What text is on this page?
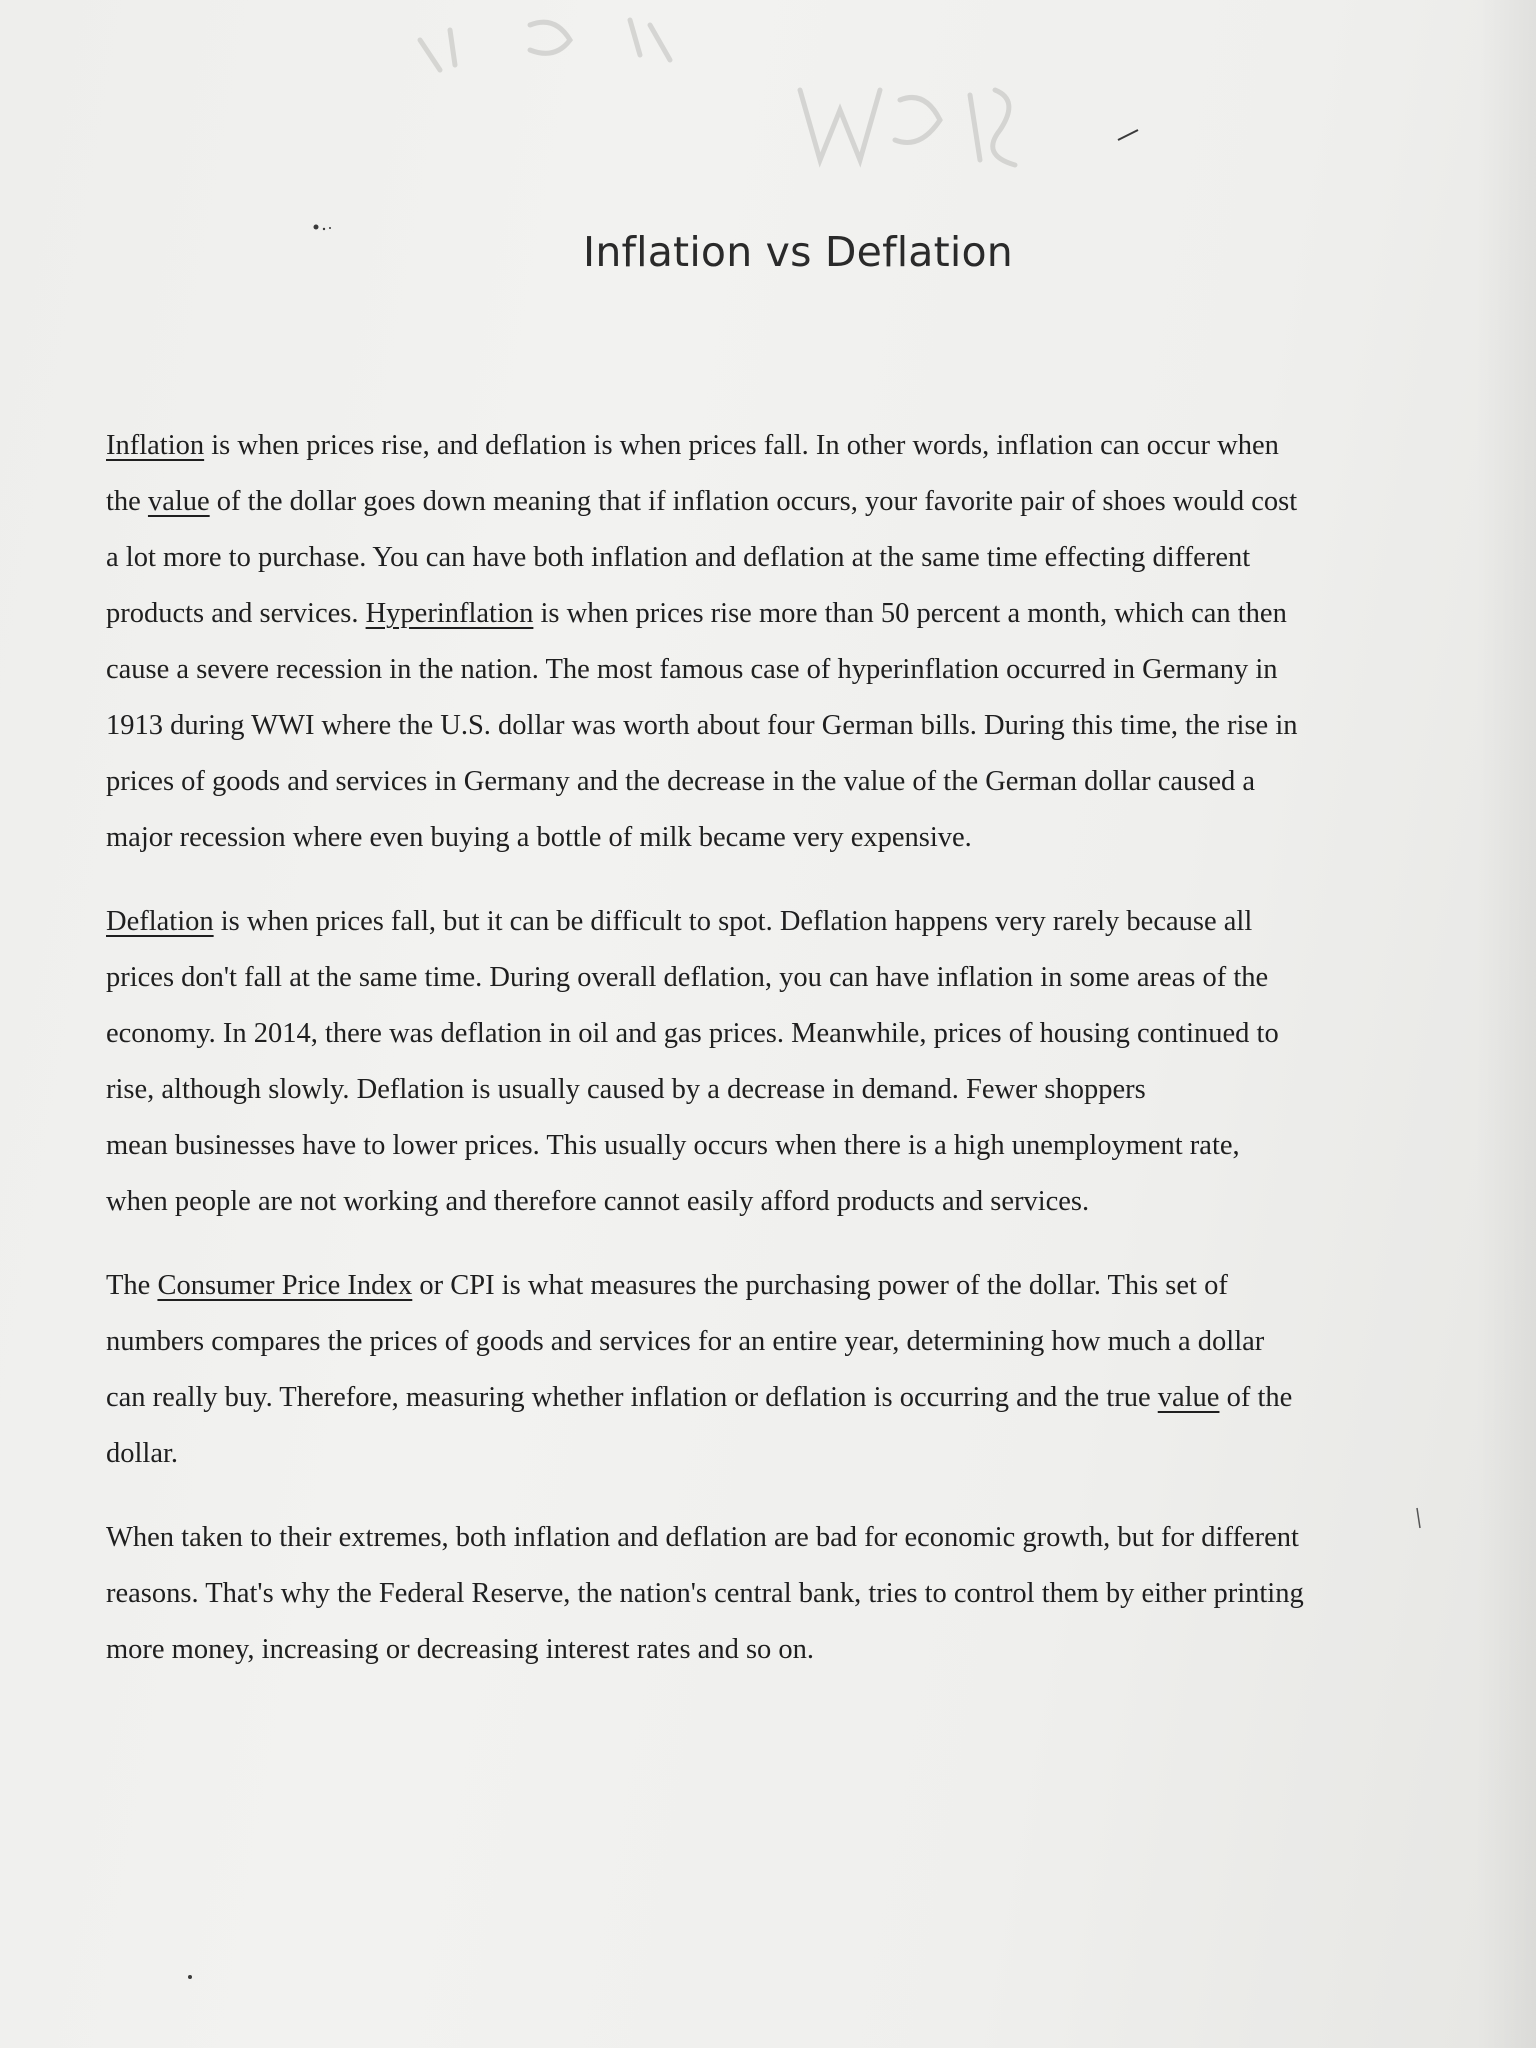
Inflation vs Deflation
Inflation is when prices rise, and deflation is when prices fall. In other words, inflation can occur when
the value of the dollar goes down meaning that if inflation occurs, your favorite pair of shoes would cost
a lot more to purchase. You can have both inflation and deflation at the same time effecting different
products and services. Hyperinflation is when prices rise more than 50 percent a month, which can then
cause a severe recession in the nation. The most famous case of hyperinflation occurred in Germany in
1913 during WWI where the U.S. dollar was worth about four German bills. During this time, the rise in
prices of goods and services in Germany and the decrease in the value of the German dollar caused a
major recession where even buying a bottle of milk became very expensive.
Deflation is when prices fall, but it can be difficult to spot. Deflation happens very rarely because all
prices don't fall at the same time. During overall deflation, you can have inflation in some areas of the
economy. In 2014, there was deflation in oil and gas prices. Meanwhile, prices of housing continued to
rise, although slowly. Deflation is usually caused by a decrease in demand. Fewer shoppers
mean businesses have to lower prices. This usually occurs when there is a high unemployment rate,
when people are not working and therefore cannot easily afford products and services.
The Consumer Price Index or CPI is what measures the purchasing power of the dollar. This set of
numbers compares the prices of goods and services for an entire year, determining how much a dollar
can really buy. Therefore, measuring whether inflation or deflation is occurring and the true value of the
dollar.
When taken to their extremes, both inflation and deflation are bad for economic growth, but for different
reasons. That's why the Federal Reserve, the nation's central bank, tries to control them by either printing
more money, increasing or decreasing interest rates and so on.
